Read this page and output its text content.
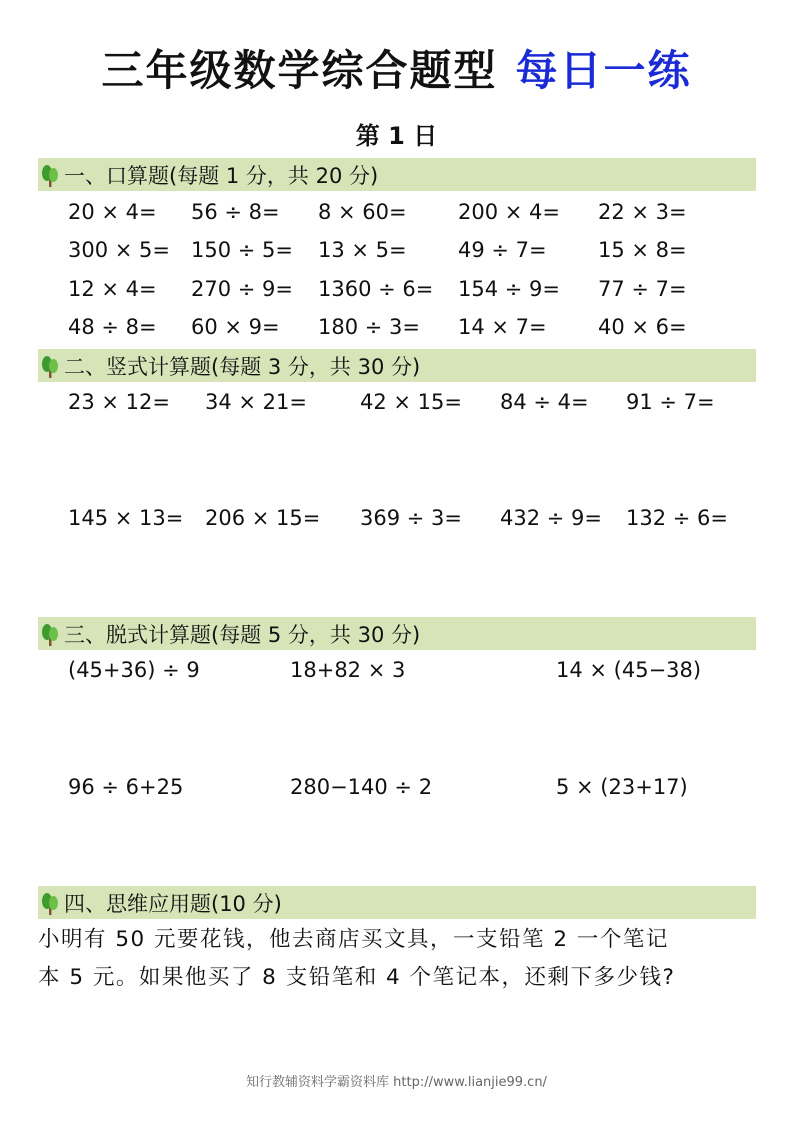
三年级数学综合题型 每日一练
第 1 日
一、口算题(每题 1 分，共 20 分)
20 × 4= 56 ÷ 8= 8 × 60= 200 × 4= 22 × 3=
300 × 5= 150 ÷ 5= 13 × 5= 49 ÷ 7= 15 × 8=
12 × 4= 270 ÷ 9= 1360 ÷ 6= 154 ÷ 9= 77 ÷ 7=
48 ÷ 8= 60 × 9= 180 ÷ 3= 14 × 7= 40 × 6=
二、竖式计算题(每题 3 分，共 30 分)
23 × 12= 34 × 21=	42 × 15= 84 ÷ 4= 91 ÷ 7=
145 × 13= 206 × 15= 369 ÷ 3= 432 ÷ 9= 132 ÷ 6=
三、脱式计算题(每题 5 分，共 30 分)
(45+36) ÷ 9	18+82 × 3	14 × (45−38)
96 ÷ 6+25	280−140 ÷ 2	5 × (23+17)
四、思维应用题(10 分)
小明有 50 元要花钱，他去商店买文具，一支铅笔 2 一个笔记
本 5 元。如果他买了 8 支铅笔和 4 个笔记本，还剩下多少钱?
知行教辅资料学霸资料库 http://www.lianjie99.cn/
